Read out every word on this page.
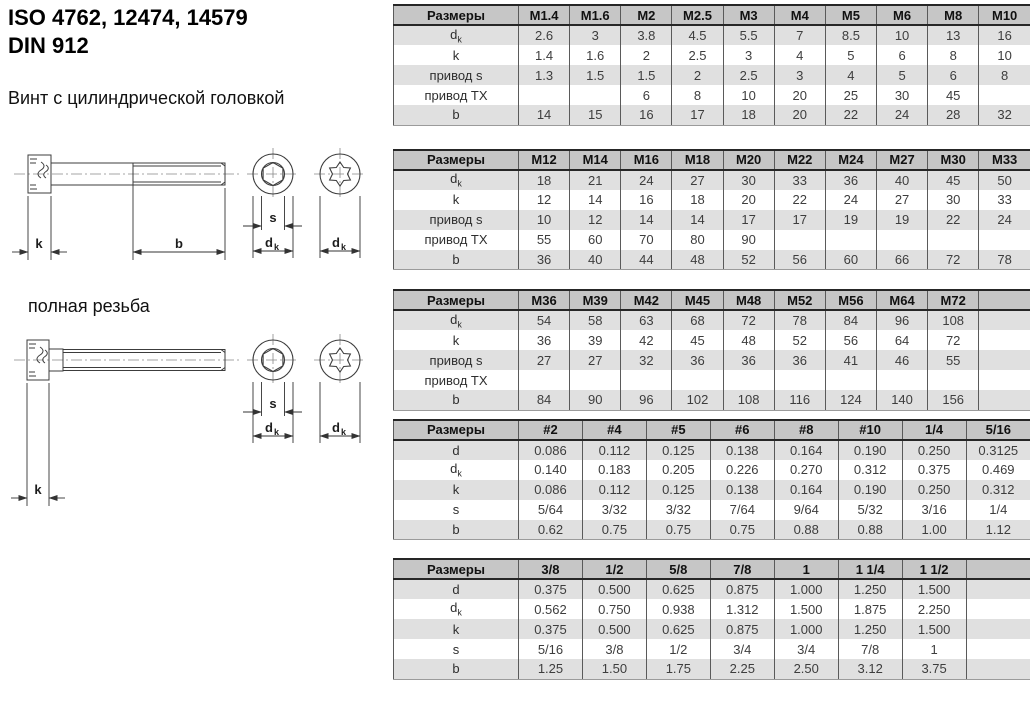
ISO 4762, 12474, 14579
DIN 912
Винт с цилиндрической головкой
k	b
s
d k	d k
полная резьба
k
s
d k	d k
Размеры	M1.4	M1.6	M2	M2.5	M3	M4	M5	M6	M8	M10
$d_k$	2.6	3	3.8	4.5	5.5	7	8.5	10	13	16
k	1.4	1.6	2	2.5	3	4	5	6	8	10
привод s	1.3	1.5	1.5	2	2.5	3	4	5	6	8
привод TX			6	8	10	20	25	30	45	
b	14	15	16	17	18	20	22	24	28	32
Размеры	M12	M14	M16	M18	M20	M22	M24	M27	M30	M33
$d_k$	18	21	24	27	30	33	36	40	45	50
k	12	14	16	18	20	22	24	27	30	33
привод s	10	12	14	14	17	17	19	19	22	24
привод TX	55	60	70	80	90					
b	36	40	44	48	52	56	60	66	72	78
Размеры	M36	M39	M42	M45	M48	M52	M56	M64	M72	
$d_k$	54	58	63	68	72	78	84	96	108	
k	36	39	42	45	48	52	56	64	72	
привод s	27	27	32	36	36	36	41	46	55	
привод TX										
b	84	90	96	102	108	116	124	140	156	
Размеры	#2	#4	#5	#6	#8	#10	1/4	5/16
d	0.086	0.112	0.125	0.138	0.164	0.190	0.250	0.3125
$d_k$	0.140	0.183	0.205	0.226	0.270	0.312	0.375	0.469
k	0.086	0.112	0.125	0.138	0.164	0.190	0.250	0.312
s	5/64	3/32	3/32	7/64	9/64	5/32	3/16	1/4
b	0.62	0.75	0.75	0.75	0.88	0.88	1.00	1.12
Размеры	3/8	1/2	5/8	7/8	1	1 1/4	1 1/2	
d	0.375	0.500	0.625	0.875	1.000	1.250	1.500	
$d_k$	0.562	0.750	0.938	1.312	1.500	1.875	2.250	
k	0.375	0.500	0.625	0.875	1.000	1.250	1.500	
s	5/16	3/8	1/2	3/4	3/4	7/8	1	
b	1.25	1.50	1.75	2.25	2.50	3.12	3.75	
